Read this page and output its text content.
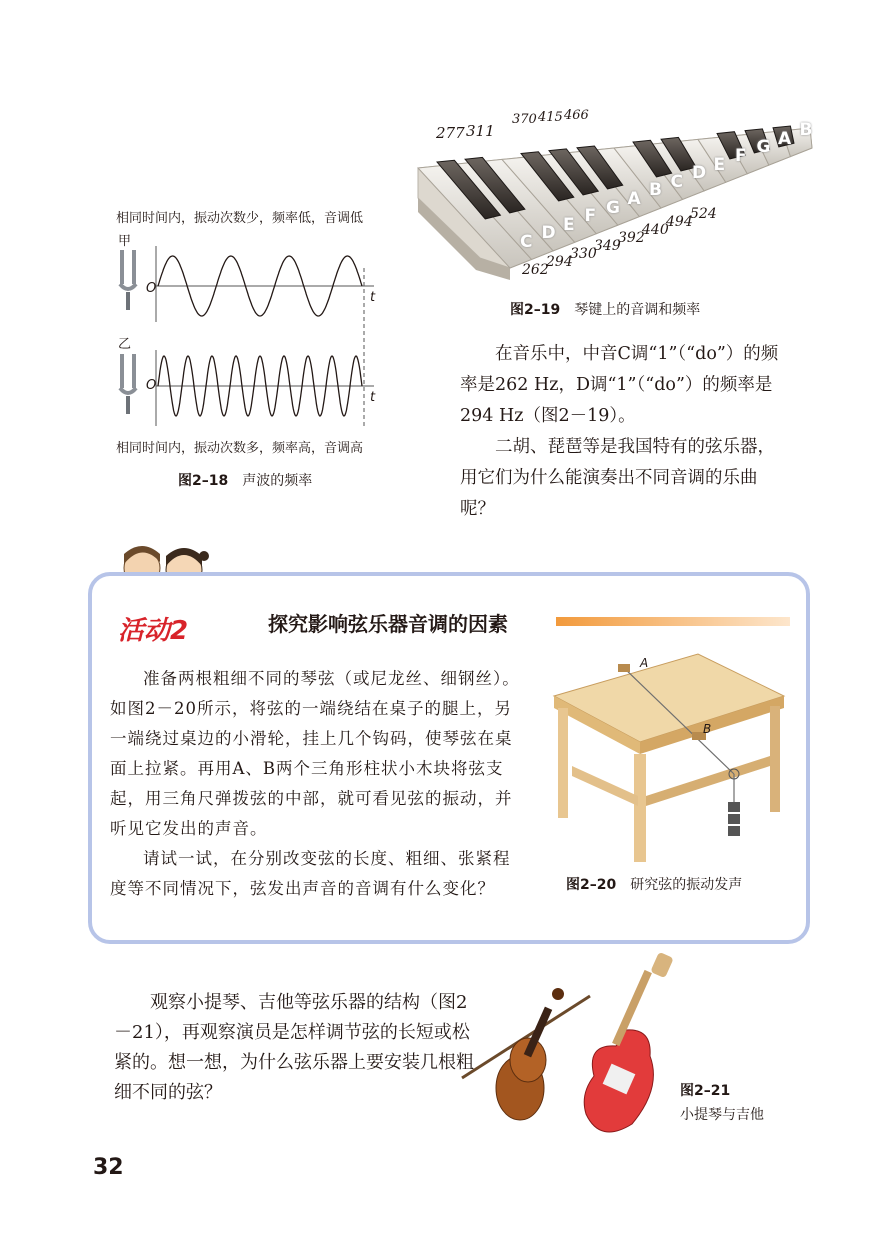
相同时间内，振动次数少，频率低，音调低
甲
乙
O
t
O
t
相同时间内，振动次数多，频率高，音调高
图2–18 声波的频率
277 311
370 415 466
C D E F G A B C D E F G A B
262
294
330
349
392
440
494
524
图2–19 琴键上的音调和频率

在音乐中，中音C调“1”（“do”）的频率是262 Hz，D调“1”（“do”）的频率是294 Hz（图2－19）。

二胡、琵琶等是我国特有的弦乐器，用它们为什么能演奏出不同音调的乐曲呢？

活动2	探究影响弦乐器音调的因素

准备两根粗细不同的琴弦（或尼龙丝、细钢丝）。如图2－20所示，将弦的一端绕结在桌子的腿上，另一端绕过桌边的小滑轮，挂上几个钩码，使琴弦在桌面上拉紧。再用A、B两个三角形柱状小木块将弦支起，用三角尺弹拨弦的中部，就可看见弦的振动，并听见它发出的声音。

请试一试，在分别改变弦的长度、粗细、张紧程度等不同情况下，弦发出声音的音调有什么变化？

A
B
图2–20 研究弦的振动发声

观察小提琴、吉他等弦乐器的结构（图2－21），再观察演员是怎样调节弦的长短或松紧的。想一想，为什么弦乐器上要安装几根粗细不同的弦？	图2–21
小提琴与吉他
32
